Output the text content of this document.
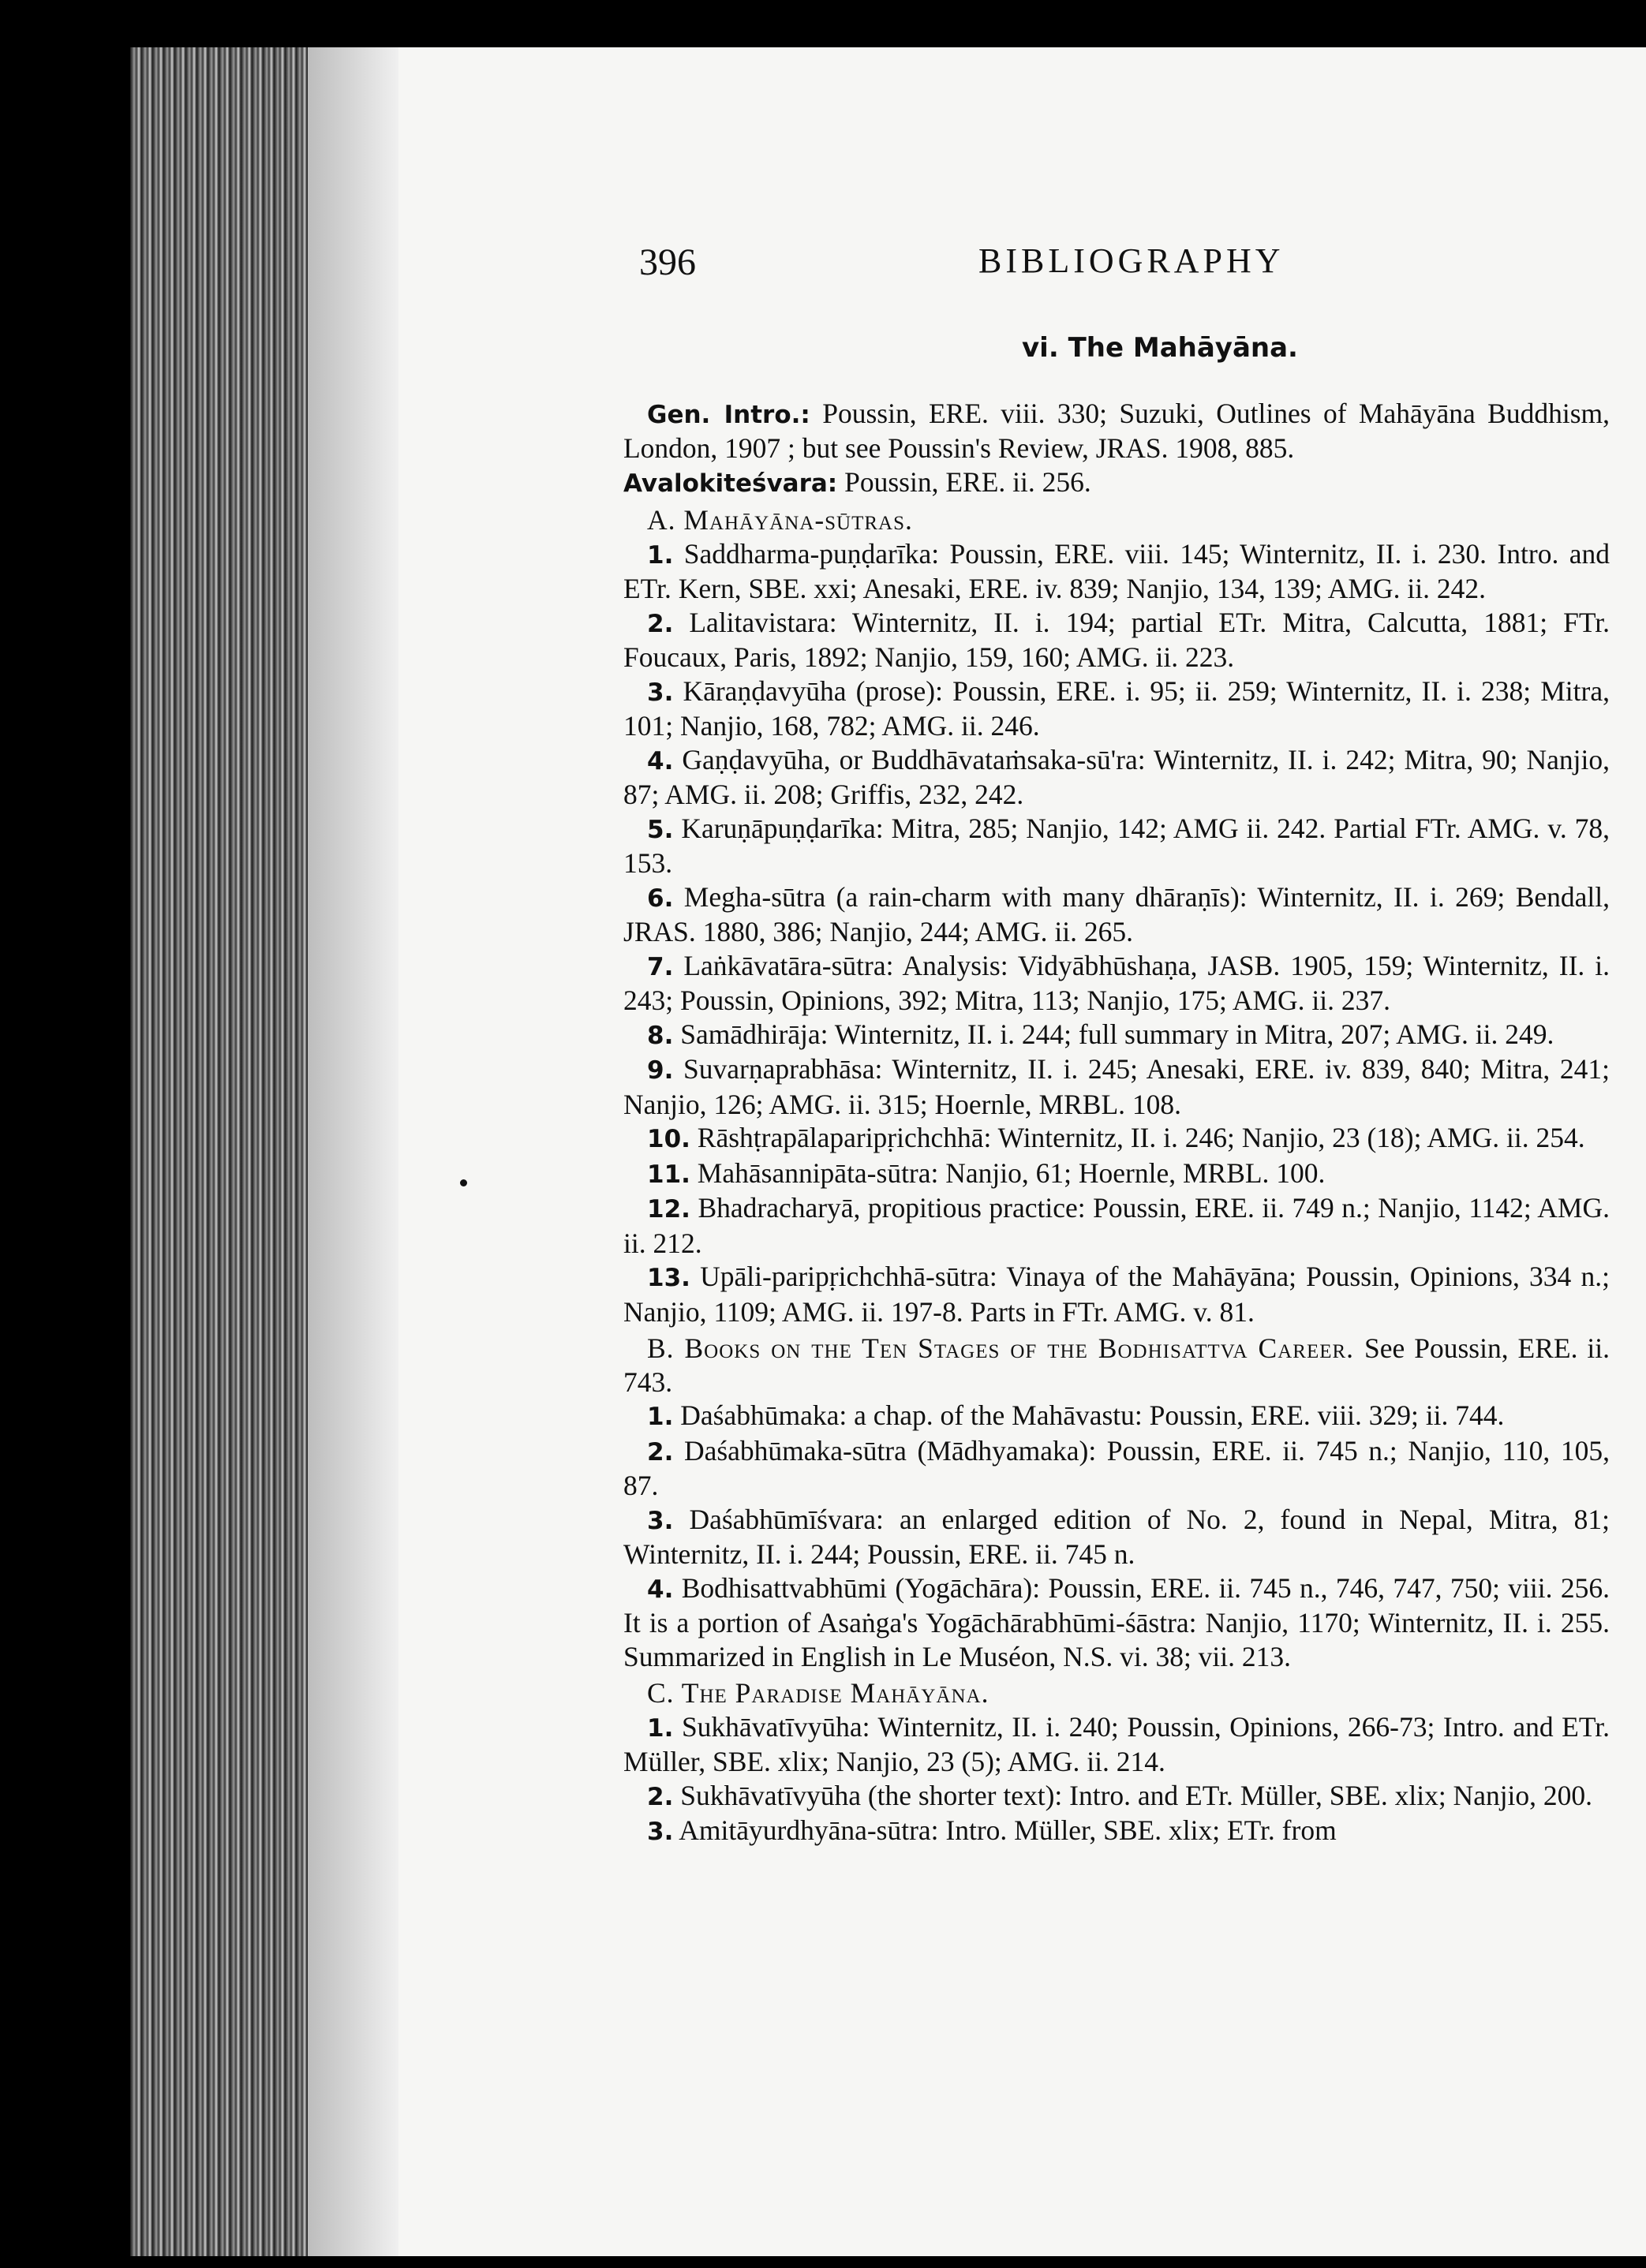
396	BIBLIOGRAPHY
vi. The Mahāyāna.

Gen. Intro.: Poussin, ERE. viii. 330; Suzuki, Outlines of Mahāyāna Buddhism, London, 1907 ; but see Poussin's Review, JRAS. 1908, 885.

Avalokiteśvara: Poussin, ERE. ii. 256.

A. Mahāyāna-sūtras.

1. Saddharma-puṇḍarīka: Poussin, ERE. viii. 145; Winternitz, II. i. 230. Intro. and ETr. Kern, SBE. xxi; Anesaki, ERE. iv. 839; Nanjio, 134, 139; AMG. ii. 242.

2. Lalitavistara: Winternitz, II. i. 194; partial ETr. Mitra, Calcutta, 1881; FTr. Foucaux, Paris, 1892; Nanjio, 159, 160; AMG. ii. 223.

3. Kāraṇḍavyūha (prose): Poussin, ERE. i. 95; ii. 259; Winternitz, II. i. 238; Mitra, 101; Nanjio, 168, 782; AMG. ii. 246.

4. Gaṇḍavyūha, or Buddhāvataṁsaka-sū'ra: Winternitz, II. i. 242; Mitra, 90; Nanjio, 87; AMG. ii. 208; Griffis, 232, 242.

5. Karuṇāpuṇḍarīka: Mitra, 285; Nanjio, 142; AMG ii. 242. Partial FTr. AMG. v. 78, 153.

6. Megha-sūtra (a rain-charm with many dhāraṇīs): Winternitz, II. i. 269; Bendall, JRAS. 1880, 386; Nanjio, 244; AMG. ii. 265.

7. Laṅkāvatāra-sūtra: Analysis: Vidyābhūshaṇa, JASB. 1905, 159; Winternitz, II. i. 243; Poussin, Opinions, 392; Mitra, 113; Nanjio, 175; AMG. ii. 237.

8. Samādhirāja: Winternitz, II. i. 244; full summary in Mitra, 207; AMG. ii. 249.

9. Suvarṇaprabhāsa: Winternitz, II. i. 245; Anesaki, ERE. iv. 839, 840; Mitra, 241; Nanjio, 126; AMG. ii. 315; Hoernle, MRBL. 108.

10. Rāshṭrapālaparipṛichchhā: Winternitz, II. i. 246; Nanjio, 23 (18); AMG. ii. 254.

11. Mahāsannipāta-sūtra: Nanjio, 61; Hoernle, MRBL. 100.

12. Bhadracharyā, propitious practice: Poussin, ERE. ii. 749 n.; Nanjio, 1142; AMG. ii. 212.

13. Upāli-paripṛichchhā-sūtra: Vinaya of the Mahāyāna; Poussin, Opinions, 334 n.; Nanjio, 1109; AMG. ii. 197-8. Parts in FTr. AMG. v. 81.

B. Books on the Ten Stages of the Bodhisattva Career. See Poussin, ERE. ii. 743.

1. Daśabhūmaka: a chap. of the Mahāvastu: Poussin, ERE. viii. 329; ii. 744.

2. Daśabhūmaka-sūtra (Mādhyamaka): Poussin, ERE. ii. 745 n.; Nanjio, 110, 105, 87.

3. Daśabhūmīśvara: an enlarged edition of No. 2, found in Nepal, Mitra, 81; Winternitz, II. i. 244; Poussin, ERE. ii. 745 n.

4. Bodhisattvabhūmi (Yogāchāra): Poussin, ERE. ii. 745 n., 746, 747, 750; viii. 256. It is a portion of Asaṅga's Yogāchārabhūmi-śāstra: Nanjio, 1170; Winternitz, II. i. 255. Summarized in English in Le Muséon, N.S. vi. 38; vii. 213.

C. The Paradise Mahāyāna.

1. Sukhāvatīvyūha: Winternitz, II. i. 240; Poussin, Opinions, 266-73; Intro. and ETr. Müller, SBE. xlix; Nanjio, 23 (5); AMG. ii. 214.

2. Sukhāvatīvyūha (the shorter text): Intro. and ETr. Müller, SBE. xlix; Nanjio, 200.

3. Amitāyurdhyāna-sūtra: Intro. Müller, SBE. xlix; ETr. from
